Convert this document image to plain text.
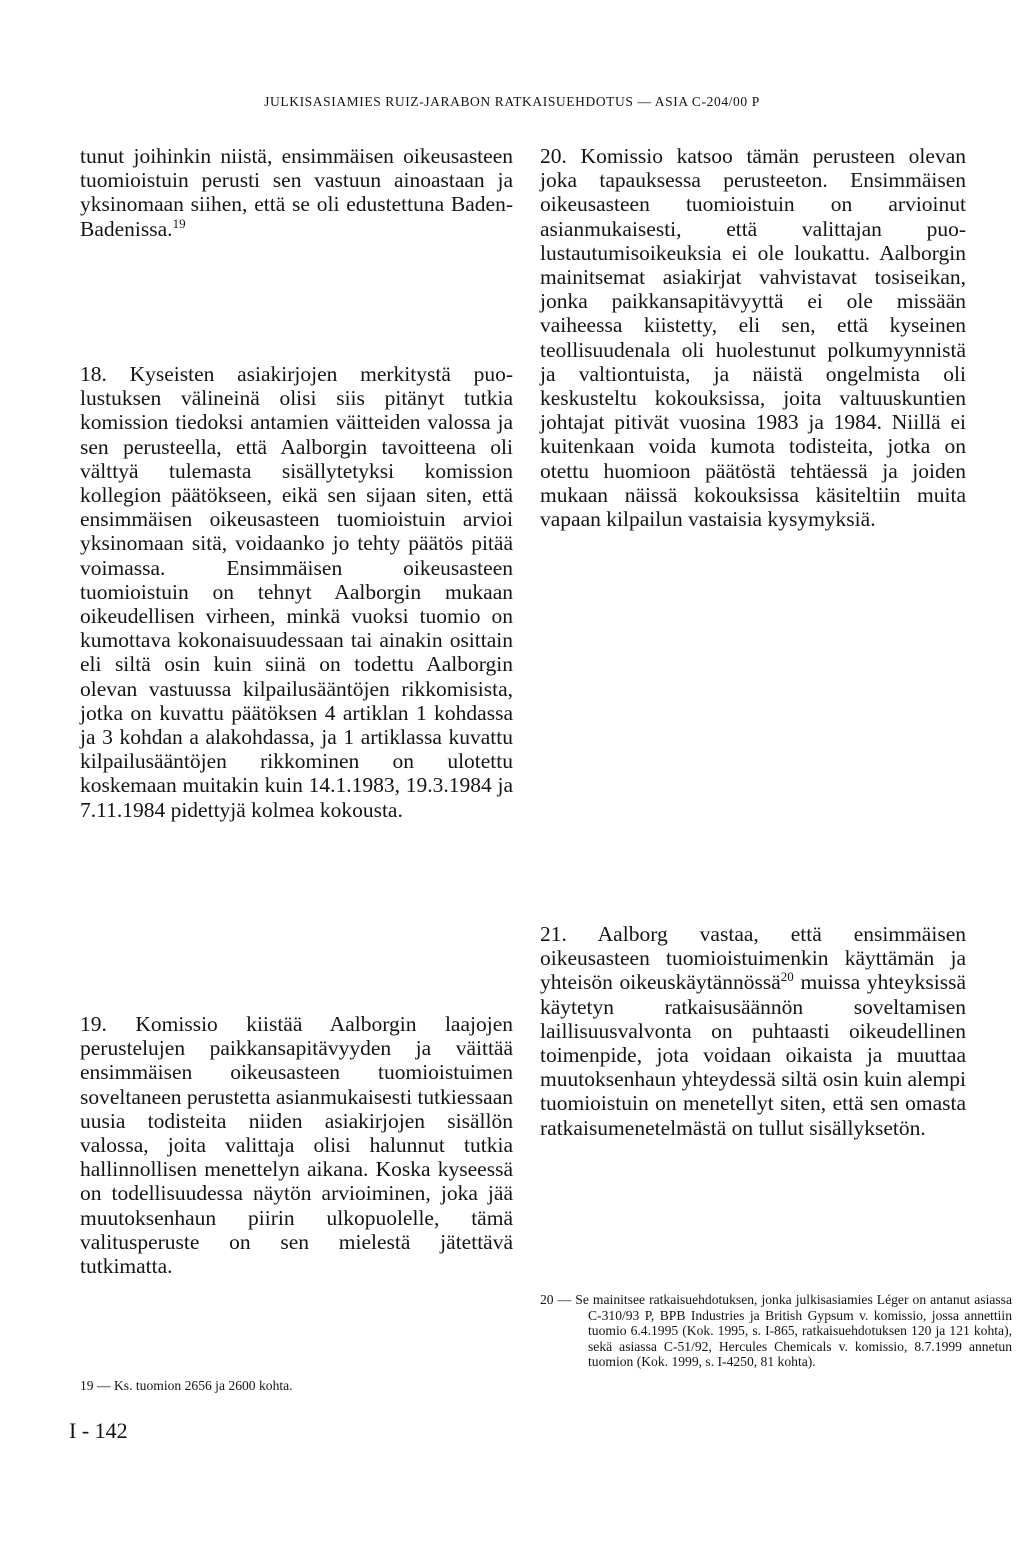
JULKISASIAMIES RUIZ-JARABON RATKAISUEHDOTUS — ASIA C-204/00 P

tunut joihinkin niistä, ensimmäisen oikeusasteen tuomioistuin perusti sen vastuun ainoastaan ja yksinomaan siihen, että se oli edustettuna Baden-Badenissa.$^{19}$

18. Kyseisten asiakirjojen merkitystä puolustuksen välineinä olisi siis pitänyt tutkia komission tiedoksi antamien väitteiden valossa ja sen perusteella, että Aalborgin tavoitteena oli välttyä tulemasta sisällytetyksi komission kollegion päätökseen, eikä sen sijaan siten, että ensimmäisen oikeusasteen tuomioistuin arvioi yksinomaan sitä, voidaanko jo tehty päätös pitää voimassa. Ensimmäisen oikeusasteen tuomioistuin on tehnyt Aalborgin mukaan oikeudellisen virheen, minkä vuoksi tuomio on kumottava kokonaisuudessaan tai ainakin osittain eli siltä osin kuin siinä on todettu Aalborgin olevan vastuussa kilpailusääntöjen rikkomisista, jotka on kuvattu päätöksen 4 artiklan 1 kohdassa ja 3 kohdan a alakohdassa, ja 1 artiklassa kuvattu kilpailusääntöjen rikkominen on ulotettu koskemaan muitakin kuin 14.1.1983, 19.3.1984 ja 7.11.1984 pidettyjä kolmea kokousta.

19. Komissio kiistää Aalborgin laajojen perustelujen paikkansapitävyyden ja väittää ensimmäisen oikeusasteen tuomioistuimen soveltaneen perustetta asianmukaisesti tutkiessaan uusia todisteita niiden asiakirjojen sisällön valossa, joita valittaja olisi halunnut tutkia hallinnollisen menettelyn aikana. Koska kyseessä on todellisuudessa näytön arvioiminen, joka jää muutoksenhaun piirin ulkopuolelle, tämä valitusperuste on sen mielestä jätettävä tutkimatta.

19 — Ks. tuomion 2656 ja 2600 kohta.

20. Komissio katsoo tämän perusteen olevan joka tapauksessa perusteeton. Ensimmäisen oikeusasteen tuomioistuin on arvioinut asianmukaisesti, että valittajan puolustautumisoikeuksia ei ole loukattu. Aalborgin mainitsemat asiakirjat vahvistavat tosiseikan, jonka paikkansapitävyyttä ei ole missään vaiheessa kiistetty, eli sen, että kyseinen teollisuudenala oli huolestunut polkumyynnistä ja valtiontuista, ja näistä ongelmista oli keskusteltu kokouksissa, joita valtuuskuntien johtajat pitivät vuosina 1983 ja 1984. Niillä ei kuitenkaan voida kumota todisteita, jotka on otettu huomioon päätöstä tehtäessä ja joiden mukaan näissä kokouksissa käsiteltiin muita vapaan kilpailun vastaisia kysymyksiä.

21. Aalborg vastaa, että ensimmäisen oikeusasteen tuomioistuimenkin käyttämän ja yhteisön oikeuskäytännössä$^{20}$ muissa yhteyksissä käytetyn ratkaisusäännön soveltamisen laillisuusvalvonta on puhtaasti oikeudellinen toimenpide, jota voidaan oikaista ja muuttaa muutoksenhaun yhteydessä siltä osin kuin alempi tuomioistuin on menetellyt siten, että sen omasta ratkaisumenetelmästä on tullut sisällyksetön.

20 — Se mainitsee ratkaisuehdotuksen, jonka julkisasiamies Léger on antanut asiassa C-310/93 P, BPB Industries ja British Gypsum v. komissio, jossa annettiin tuomio 6.4.1995 (Kok. 1995, s. I-865, ratkaisuehdotuksen 120 ja 121 kohta), sekä asiassa C-51/92, Hercules Chemicals v. komissio, 8.7.1999 annetun tuomion (Kok. 1999, s. I-4250, 81 kohta).
I - 142
